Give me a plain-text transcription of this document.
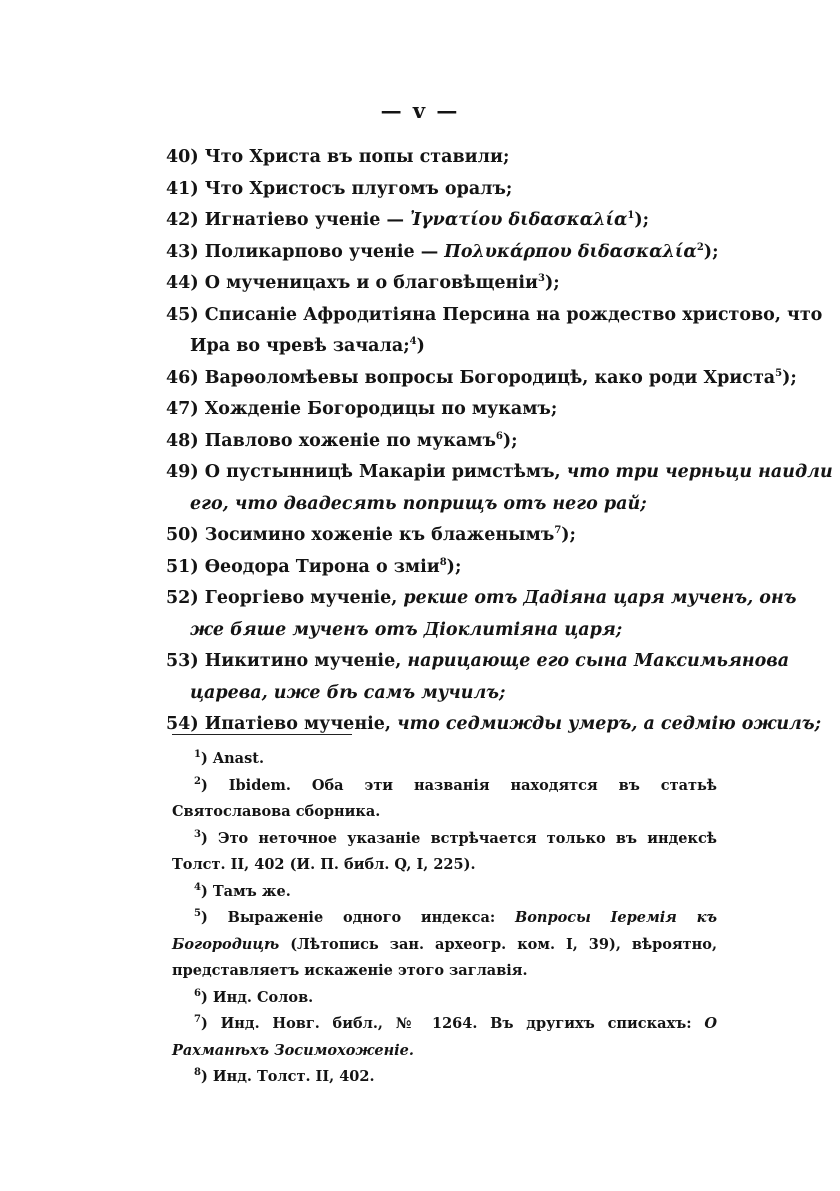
— v —
40) Что Христа въ попы ставили;
41) Что Христосъ плугомъ оралъ;
42) Игнатіево ученіе — Ἰγνατίου διδασκαλία$^1$);
43) Поликарпово ученіе — Πολυκάρπου διδασκαλία$^2$);
44) О мученицахъ и о благовѣщеніи$^3$);
45) Списаніе Афродитіяна Персина на рождество христово, что
Ира во чревѣ зачала;$^4$)
46) Варѳоломѣевы вопросы Богородицѣ, како роди Христа$^5$);
47) Хожденіе Богородицы по мукамъ;
48) Павлово хоженіе по мукамъ$^6$);
49) О пустынницѣ Макаріи римстѣмъ, что три черньци наидли
его, что двадесять поприщъ отъ него рай;
50) Зосимино хоженіе къ блаженымъ$^7$);
51) Ѳеодора Тирона о зміи$^8$);
52) Георгіево мученіе, рекше отъ Дадіяна царя мученъ, онъ
же бяше мученъ отъ Діоклитіяна царя;
53) Никитино мученіе, нарицающе его сына Максимьянова
царева, иже бѣ самъ мучилъ;
54) Ипатіево мученіе, что седмижды умеръ, а седмію ожилъ;
$^1$) Anast.
$^2$) Ibidem. Оба эти названія находятся въ статьѣ Святославова сборника.
$^3$) Это неточное указаніе встрѣчается только въ индексѣ Толст. II, 402 (И. П. библ. Q, I, 225).
$^4$) Тамъ же.
$^5$) Выраженіе одного индекса: Вопросы Іеремія къ Богородицѣ (Лѣтопись зан. археогр. ком. I, 39), вѣроятно, представляетъ искаженіе этого заглавія.
$^6$) Инд. Солов.
$^7$) Инд. Новг. библ., № 1264. Въ другихъ спискахъ: О Рахманѣхъ Зосимохоженіе.
$^8$) Инд. Толст. II, 402.
